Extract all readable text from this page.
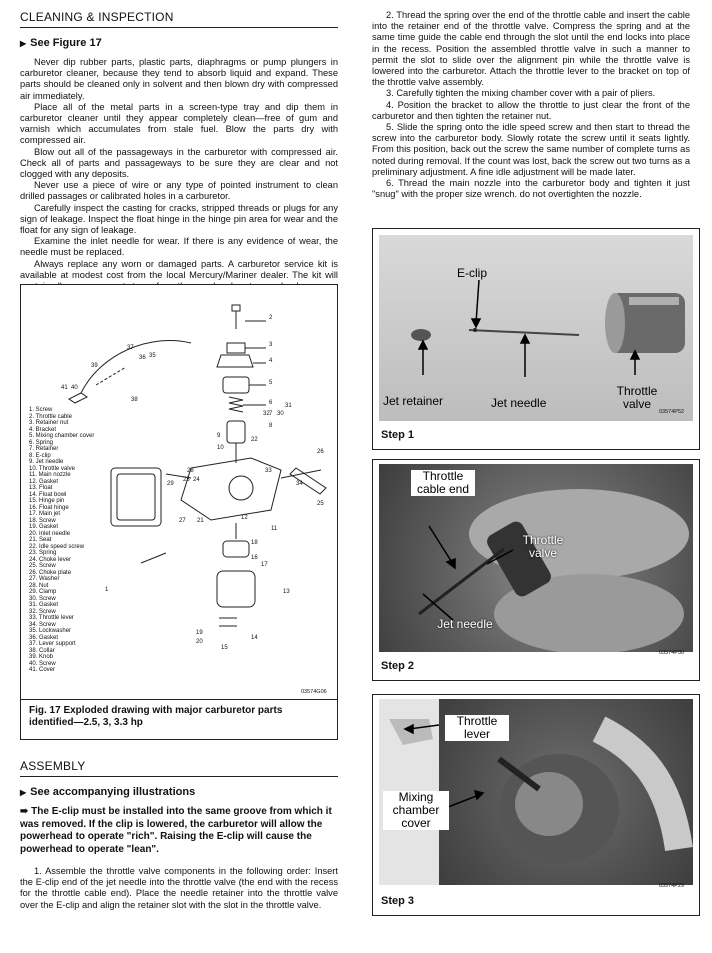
CLEANING & INSPECTION
▶ See Figure 17

Never dip rubber parts, plastic parts, diaphragms or pump plungers in carburetor cleaner, because they tend to absorb liquid and expand. These parts should be cleaned only in solvent and then blown dry with compressed air immediately.

Place all of the metal parts in a screen-type tray and dip them in carburetor cleaner until they appear completely clean—free of gum and varnish which accumulates from stale fuel. Blow the parts dry with compressed air.

Blow out all of the passageways in the carburetor with compressed air. Check all of parts and passageways to be sure they are clear and not clogged with any deposits.

Never use a piece of wire or any type of pointed instrument to clean drilled passages or calibrated holes in a carburetor.

Carefully inspect the casting for cracks, stripped threads or plugs for any sign of leakage. Inspect the float hinge in the hinge pin area for wear and the float for any sign of leakage.

Examine the inlet needle for wear. If there is any evidence of wear, the needle must be replaced.

Always replace any worn or damaged parts. A carburetor service kit is available at modest cost from the local Mercury/Mariner dealer. The kit will

2
3
4
5
6
7
8
9
10
11
12
13
14
15
16
17
18
19
20
21
22
23 24
25
26
27
28
29
30
31
32
33
34
35
36
37
38
39
40
41
1
1. Screw
2. Throttle cable
3. Retainer nut
4. Bracket
5. Mixing chamber cover
6. Spring
7. Retainer
8. E-clip
9. Jet needle
10. Throttle valve
11. Main nozzle
12. Gasket
13. Float
14. Float bowl
15. Hinge pin
16. Float hinge
17. Main jet
18. Screw
19. Gasket
20. Inlet needle
21. Seat
22. Idle speed screw
23. Spring
24. Choke lever
25. Screw
26. Choke plate
27. Washer
28. Nut
29. Clamp
30. Screw
31. Gasket
32. Screw
33. Throttle lever
34. Screw
35. Lockwasher
36. Gasket
37. Lever support
38. Collar
39. Knob
40. Screw
41. Cover
03574G06
Fig. 17 Exploded drawing with major carburetor parts identified—2.5, 3, 3.3 hp
ASSEMBLY
▶ See accompanying illustrations
➠ The E-clip must be installed into the same groove from which it was removed. If the clip is lowered, the carburetor will allow the powerhead to operate "rich". Raising the E-clip will cause the powerhead to operate "lean".

1. Assemble the throttle valve components in the following order: Insert the E-clip end of the jet needle into the throttle valve (the end with the recess for the throttle cable end). Place the needle retainer into the throttle valve over the E-clip and align the retainer slot with the slot in the throttle valve.

2. Thread the spring over the end of the throttle cable and insert the cable into the retainer end of the throttle valve. Compress the spring and at the same time guide the cable end through the slot until the end locks into place in the recess. Position the assembled throttle valve in such a manner to permit the slot to slide over the alignment pin while the throttle valve is lowered into the carburetor. Attach the throttle lever to the bracket on top of the throttle valve assembly.

3. Carefully tighten the mixing chamber cover with a pair of pliers.

4. Position the bracket to allow the throttle to just clear the front of the carburetor and then tighten the retainer nut.

5. Slide the spring onto the idle speed screw and then start to thread the screw into the carburetor body. Slowly rotate the screw until it seats lightly. From this position, back out the screw the same number of complete turns as noted during removal. If the count was lost, back the screw out two turns as a preliminary adjustment. A fine idle adjustment will be made later.

6. Thread the main nozzle into the carburetor body and tighten it just "snug" with the proper size wrench. do not overtighten the nozzle.

E-clip
Jet retainer	Jet needle
Throttle valve
03574P52
Step 1
Throttle cable end
Throttle valve
Jet needle
03574P30
Step 2
Throttle lever
Mixing chamber cover
03574P29
Step 3
